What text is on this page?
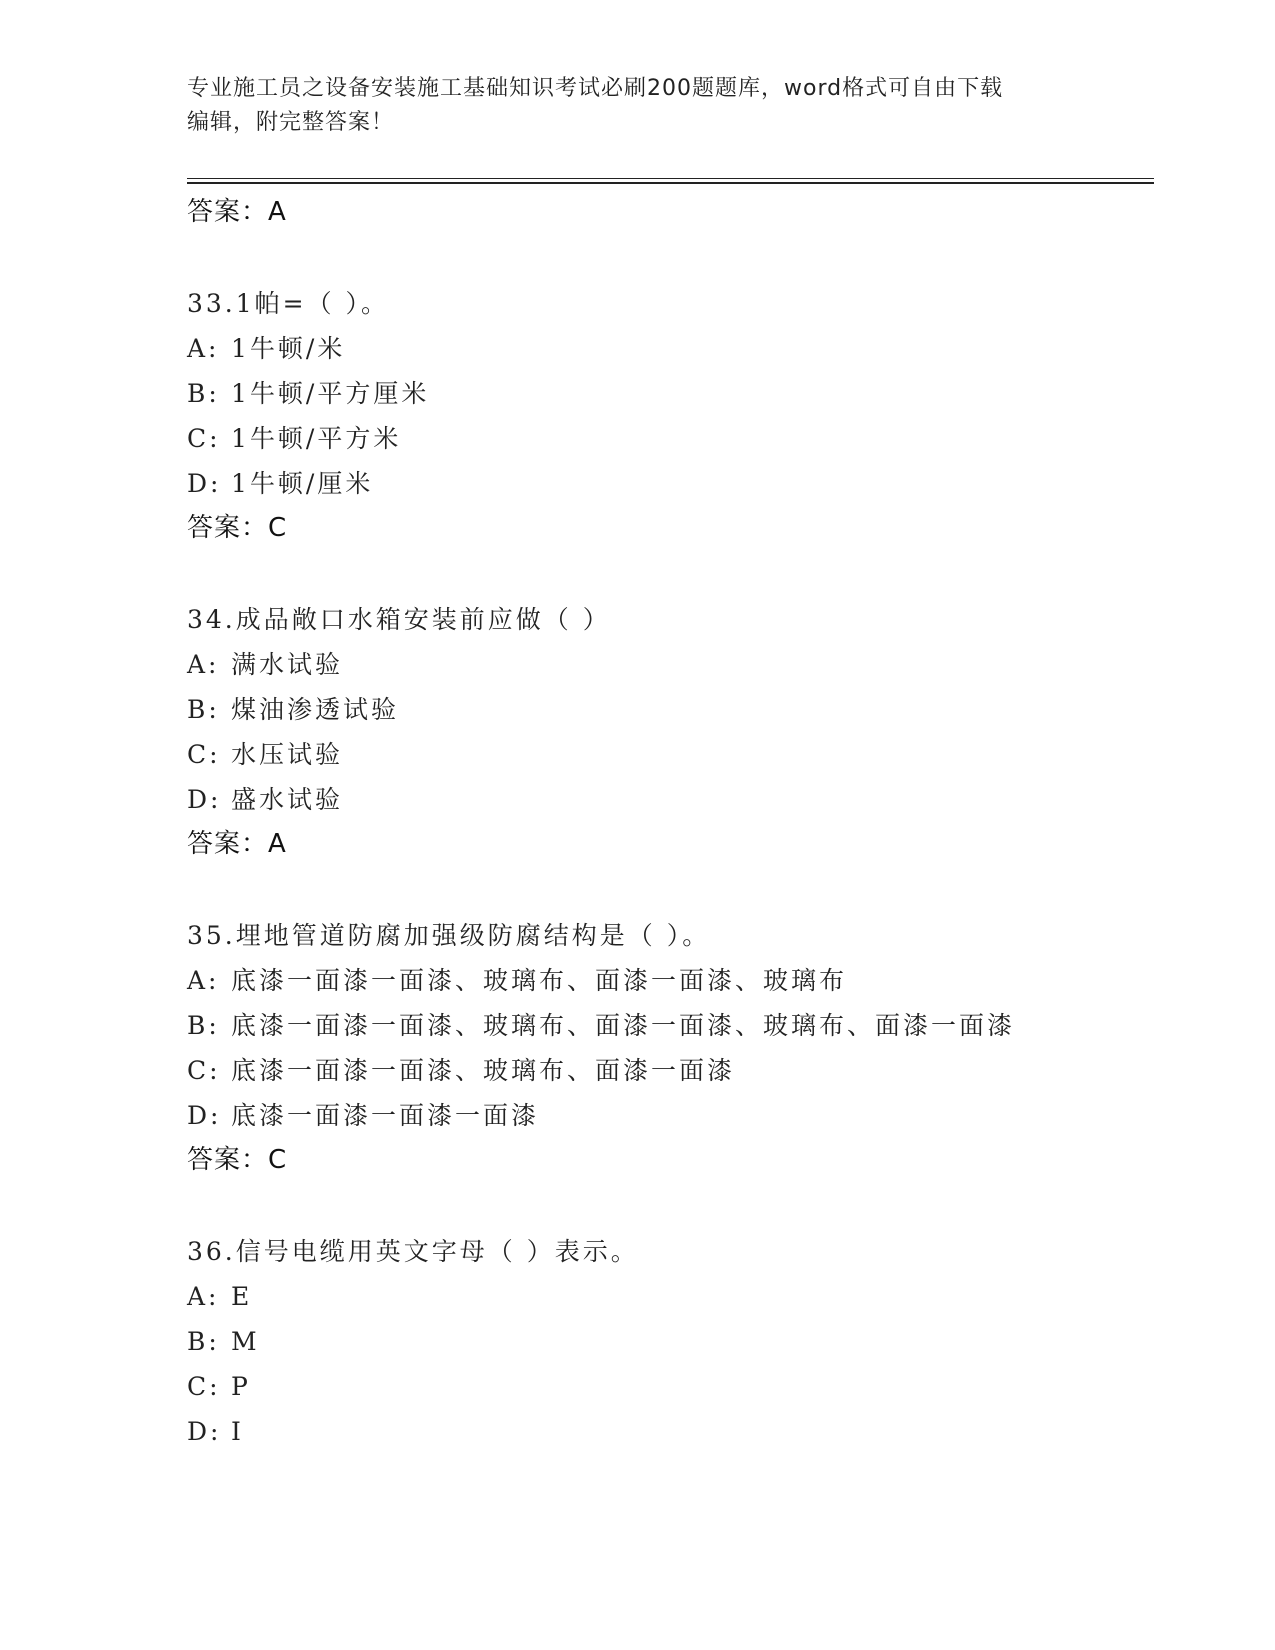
专业施工员之设备安装施工基础知识考试必刷200题题库，word格式可自由下载
编辑，附完整答案！
答案：A
33.1帕=（ ）。
A: 1牛顿/米
B: 1牛顿/平方厘米
C: 1牛顿/平方米
D: 1牛顿/厘米
答案：C
34.成品敞口水箱安装前应做（ ）
A: 满水试验
B: 煤油渗透试验
C: 水压试验
D: 盛水试验
答案：A
35.埋地管道防腐加强级防腐结构是（ ）。
A: 底漆一面漆一面漆、玻璃布、面漆一面漆、玻璃布
B: 底漆一面漆一面漆、玻璃布、面漆一面漆、玻璃布、面漆一面漆
C: 底漆一面漆一面漆、玻璃布、面漆一面漆
D: 底漆一面漆一面漆一面漆
答案：C
36.信号电缆用英文字母（ ）表示。
A: E
B: M
C: P
D: I
